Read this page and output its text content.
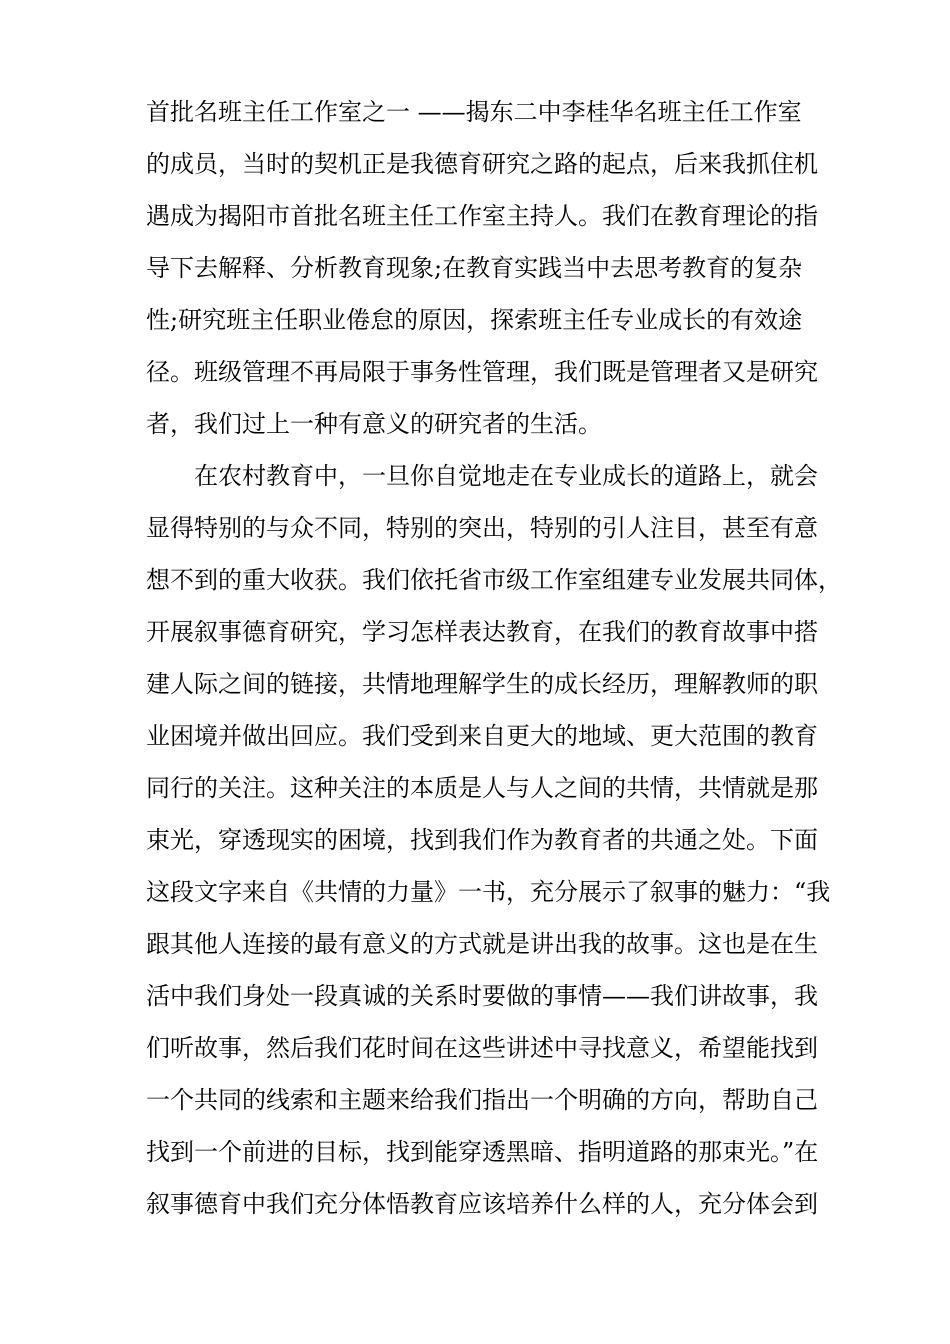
首批名班主任工作室之一 ——揭东二中李桂华名班主任工作室
的成员，当时的契机正是我德育研究之路的起点，后来我抓住机
遇成为揭阳市首批名班主任工作室主持人。我们在教育理论的指
导下去解释、分析教育现象;在教育实践当中去思考教育的复杂
性;研究班主任职业倦怠的原因，探索班主任专业成长的有效途
径。班级管理不再局限于事务性管理，我们既是管理者又是研究
者，我们过上一种有意义的研究者的生活。
在农村教育中，一旦你自觉地走在专业成长的道路上，就会
显得特别的与众不同，特别的突出，特别的引人注目，甚至有意
想不到的重大收获。我们依托省市级工作室组建专业发展共同体，
开展叙事德育研究，学习怎样表达教育，在我们的教育故事中搭
建人际之间的链接，共情地理解学生的成长经历，理解教师的职
业困境并做出回应。我们受到来自更大的地域、更大范围的教育
同行的关注。这种关注的本质是人与人之间的共情，共情就是那
束光，穿透现实的困境，找到我们作为教育者的共通之处。下面
这段文字来自《共情的力量》一书，充分展示了叙事的魅力：“我
跟其他人连接的最有意义的方式就是讲出我的故事。这也是在生
活中我们身处一段真诚的关系时要做的事情——我们讲故事，我
们听故事，然后我们花时间在这些讲述中寻找意义，希望能找到
一个共同的线索和主题来给我们指出一个明确的方向，帮助自己
找到一个前进的目标，找到能穿透黑暗、指明道路的那束光。”在
叙事德育中我们充分体悟教育应该培养什么样的人，充分体会到
